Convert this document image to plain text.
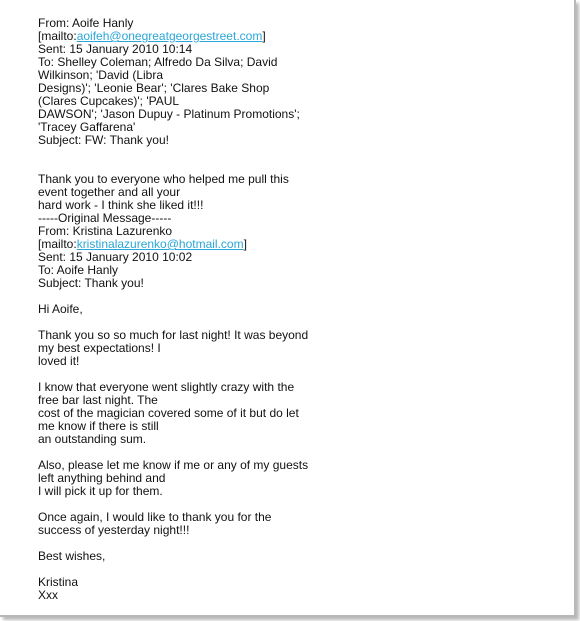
From: Aoife Hanly
[mailto:aoifeh@onegreatgeorgestreet.com]
Sent: 15 January 2010 10:14
To: Shelley Coleman; Alfredo Da Silva; David
Wilkinson; 'David (Libra
Designs)'; 'Leonie Bear'; 'Clares Bake Shop
(Clares Cupcakes)'; 'PAUL
DAWSON'; 'Jason Dupuy - Platinum Promotions';
'Tracey Gaffarena'
Subject: FW: Thank you!
Thank you to everyone who helped me pull this
event together and all your
hard work - I think she liked it!!!
-----Original Message-----
From: Kristina Lazurenko
[mailto:kristinalazurenko@hotmail.com]
Sent: 15 January 2010 10:02
To: Aoife Hanly
Subject: Thank you!
Hi Aoife,
Thank you so so much for last night! It was beyond
my best expectations! I
loved it!
I know that everyone went slightly crazy with the
free bar last night. The
cost of the magician covered some of it but do let
me know if there is still
an outstanding sum.
Also, please let me know if me or any of my guests
left anything behind and
I will pick it up for them.
Once again, I would like to thank you for the
success of yesterday night!!!
Best wishes,
Kristina
Xxx
